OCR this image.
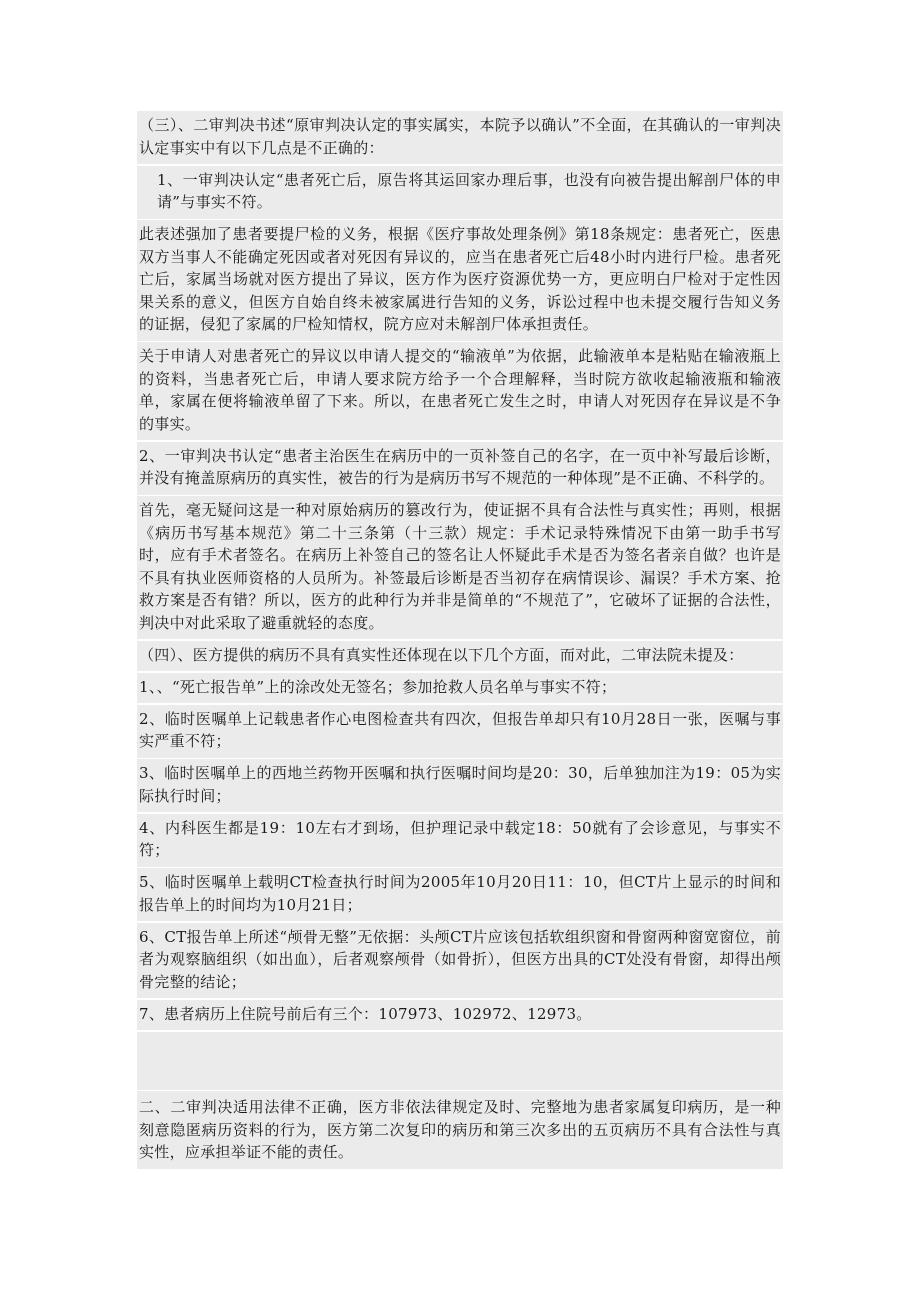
（三）、二审判决书述“原审判决认定的事实属实，本院予以确认”不全面，在其确认的一审判决认定事实中有以下几点是不正确的：
1、一审判决认定“患者死亡后，原告将其运回家办理后事，也没有向被告提出解剖尸体的申请”与事实不符。
此表述强加了患者要提尸检的义务，根据《医疗事故处理条例》第18条规定：患者死亡，医患双方当事人不能确定死因或者对死因有异议的，应当在患者死亡后48小时内进行尸检。患者死亡后，家属当场就对医方提出了异议，医方作为医疗资源优势一方，更应明白尸检对于定性因果关系的意义，但医方自始自终未被家属进行告知的义务，诉讼过程中也未提交履行告知义务的证据，侵犯了家属的尸检知情权，院方应对未解剖尸体承担责任。
关于申请人对患者死亡的异议以申请人提交的“输液单”为依据，此输液单本是粘贴在输液瓶上的资料，当患者死亡后，申请人要求院方给予一个合理解释，当时院方欲收起输液瓶和输液单，家属在便将输液单留了下来。所以，在患者死亡发生之时，申请人对死因存在异议是不争的事实。
2、一审判决书认定“患者主治医生在病历中的一页补签自己的名字，在一页中补写最后诊断，并没有掩盖原病历的真实性，被告的行为是病历书写不规范的一种体现”是不正确、不科学的。
首先，毫无疑问这是一种对原始病历的篡改行为，使证据不具有合法性与真实性；再则，根据《病历书写基本规范》第二十三条第（十三款）规定：手术记录特殊情况下由第一助手书写时，应有手术者签名。在病历上补签自己的签名让人怀疑此手术是否为签名者亲自做？也许是不具有执业医师资格的人员所为。补签最后诊断是否当初存在病情误诊、漏误？手术方案、抢救方案是否有错？所以，医方的此种行为并非是简单的“不规范了”，它破坏了证据的合法性，判决中对此采取了避重就轻的态度。
（四）、医方提供的病历不具有真实性还体现在以下几个方面，而对此，二审法院未提及：
1、、“死亡报告单”上的涂改处无签名；参加抢救人员名单与事实不符；
2、临时医嘱单上记载患者作心电图检查共有四次，但报告单却只有10月28日一张，医嘱与事实严重不符；
3、临时医嘱单上的西地兰药物开医嘱和执行医嘱时间均是20：30，后单独加注为19：05为实际执行时间；
4、内科医生都是19：10左右才到场，但护理记录中载定18：50就有了会诊意见，与事实不符；
5、临时医嘱单上载明CT检查执行时间为2005年10月20日11：10，但CT片上显示的时间和报告单上的时间均为10月21日；
6、CT报告单上所述“颅骨无整”无依据：头颅CT片应该包括软组织窗和骨窗两种窗宽窗位，前者为观察脑组织（如出血），后者观察颅骨（如骨折），但医方出具的CT处没有骨窗，却得出颅骨完整的结论；
7、患者病历上住院号前后有三个：107973、102972、12973。
二、二审判决适用法律不正确，医方非依法律规定及时、完整地为患者家属复印病历，是一种刻意隐匿病历资料的行为，医方第二次复印的病历和第三次多出的五页病历不具有合法性与真实性，应承担举证不能的责任。
